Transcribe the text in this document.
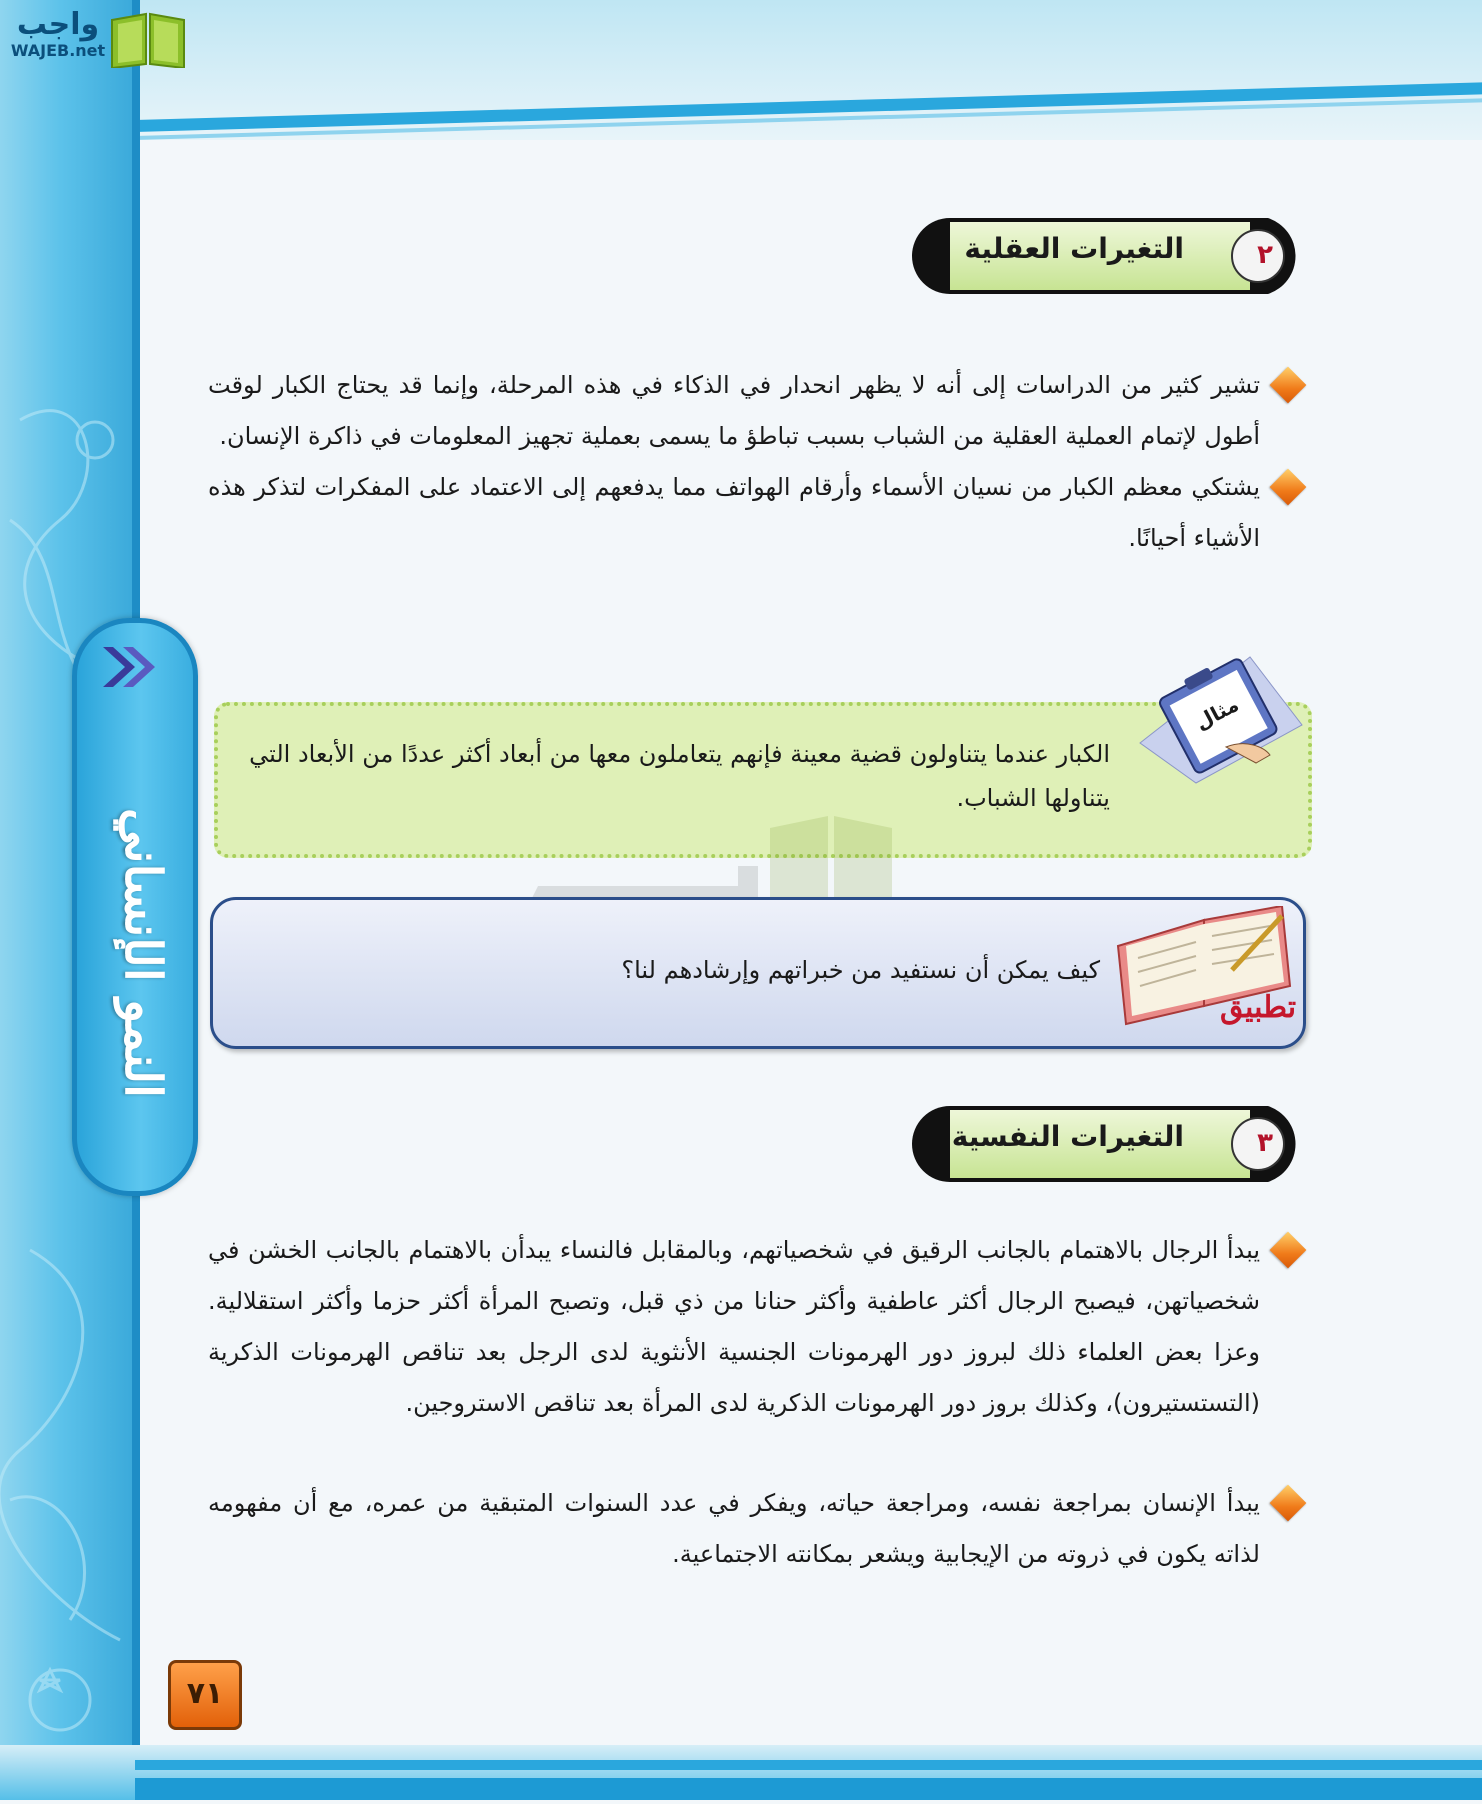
واجب
WAJEB.net
النمو الإنساني
التغيرات العقلية	٢
تشير كثير من الدراسات إلى أنه لا يظهر انحدار في الذكاء في هذه المرحلة، وإنما قد يحتاج الكبار لوقت أطول لإتمام العملية العقلية من الشباب بسبب تباطؤ ما يسمى بعملية تجهيز المعلومات في ذاكرة الإنسان.
يشتكي معظم الكبار من نسيان الأسماء وأرقام الهواتف مما يدفعهم إلى الاعتماد على المفكرات لتذكر هذه الأشياء أحيانًا.
مثال
الكبار عندما يتناولون قضية معينة فإنهم يتعاملون معها من أبعاد أكثر عددًا من الأبعاد التي يتناولها الشباب.
تطبيق
كيف يمكن أن نستفيد من خبراتهم وإرشادهم لنا؟
التغيرات النفسية	٣
يبدأ الرجال بالاهتمام بالجانب الرقيق في شخصياتهم، وبالمقابل فالنساء يبدأن بالاهتمام بالجانب الخشن في شخصياتهن، فيصبح الرجال أكثر عاطفية وأكثر حنانا من ذي قبل، وتصبح المرأة أكثر حزما وأكثر استقلالية. وعزا بعض العلماء ذلك لبروز دور الهرمونات الجنسية الأنثوية لدى الرجل بعد تناقص الهرمونات الذكرية (التستستيرون)، وكذلك بروز دور الهرمونات الذكرية لدى المرأة بعد تناقص الاستروجين.
يبدأ الإنسان بمراجعة نفسه، ومراجعة حياته، ويفكر في عدد السنوات المتبقية من عمره، مع أن مفهومه لذاته يكون في ذروته من الإيجابية ويشعر بمكانته الاجتماعية.
٧١
